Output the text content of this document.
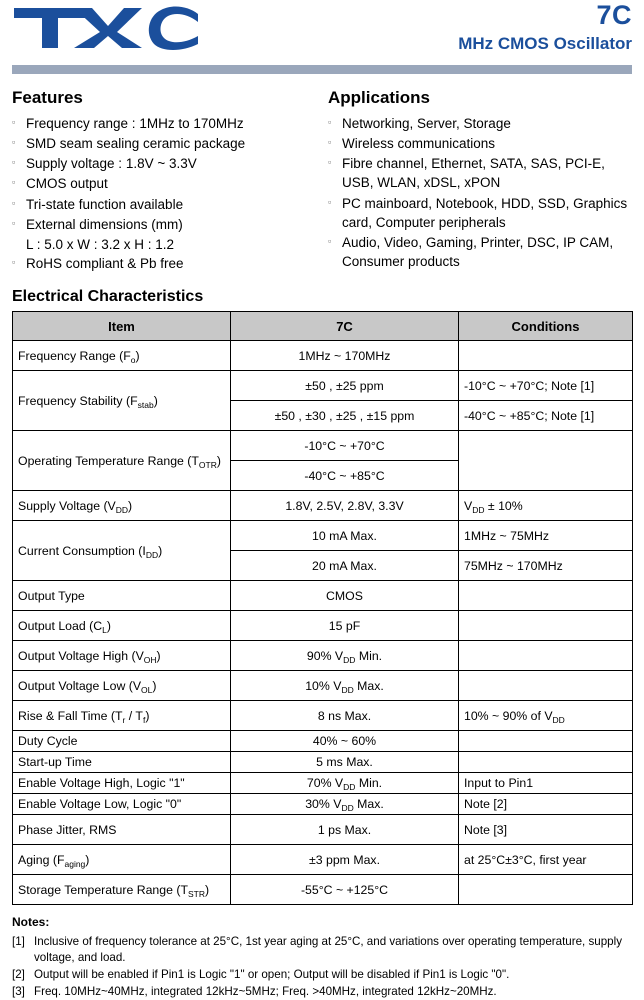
7C
MHz CMOS Oscillator
Features
▫ Frequency range : 1MHz to 170MHz
▫ SMD seam sealing ceramic package
▫ Supply voltage : 1.8V ~ 3.3V
▫ CMOS output
▫ Tri-state function available
▫ External dimensions (mm)
L : 5.0 x W : 3.2 x H : 1.2
▫ RoHS compliant & Pb free
Applications
▫ Networking, Server, Storage
▫ Wireless communications
▫ Fibre channel, Ethernet, SATA, SAS, PCI-E, USB, WLAN, xDSL, xPON
▫ PC mainboard, Notebook, HDD, SSD, Graphics card, Computer peripherals
▫ Audio, Video, Gaming, Printer, DSC, IP CAM, Consumer products
Electrical Characteristics
Item	7C	Conditions
Frequency Range $(F_o)$	1MHz ~ 170MHz	
Frequency Stability $(F_{stab})$	±50 , ±25 ppm	-10°C ~ +70°C; Note [1]
	±50 , ±30 , ±25 , ±15 ppm	-40°C ~ +85°C; Note [1]
Operating Temperature Range $(T_{OTR})$	-10°C ~ +70°C	
	-40°C ~ +85°C	
Supply Voltage $(V_{DD})$	1.8V, 2.5V, 2.8V, 3.3V	$V_{DD} \pm 10\%$
Current Consumption $(I_{DD})$	10 mA Max.	1MHz ~ 75MHz
	20 mA Max.	75MHz ~ 170MHz
Output Type	CMOS	
Output Load $(C_L)$	15 pF	
Output Voltage High $(V_{OH})$	90% $V_{DD}$ Min.	
Output Voltage Low $(V_{OL})$	10% $V_{DD}$ Max.	
Rise & Fall Time $(T_r / T_f)$	8 ns Max.	10% ~ 90% of $V_{DD}$
Duty Cycle	40% ~ 60%	
Start-up Time	5 ms Max.	
Enable Voltage High, Logic "1"	70% $V_{DD}$ Min.	Input to Pin1
Enable Voltage Low, Logic "0"	30% $V_{DD}$ Max.	Note [2]
Phase Jitter, RMS	1 ps Max.	Note [3]
Aging $(F_{aging})$	±3 ppm Max.	at 25°C±3°C, first year
Storage Temperature Range $(T_{STR})$	-55°C ~ +125°C	
Notes:
[1] Inclusive of frequency tolerance at 25°C, 1st year aging at 25°C, and variations over operating temperature, supply voltage, and load.
[2] Output will be enabled if Pin1 is Logic "1" or open; Output will be disabled if Pin1 is Logic "0".
[3] Freq. 10MHz~40MHz, integrated 12kHz~5MHz; Freq. >40MHz, integrated 12kHz~20MHz.
